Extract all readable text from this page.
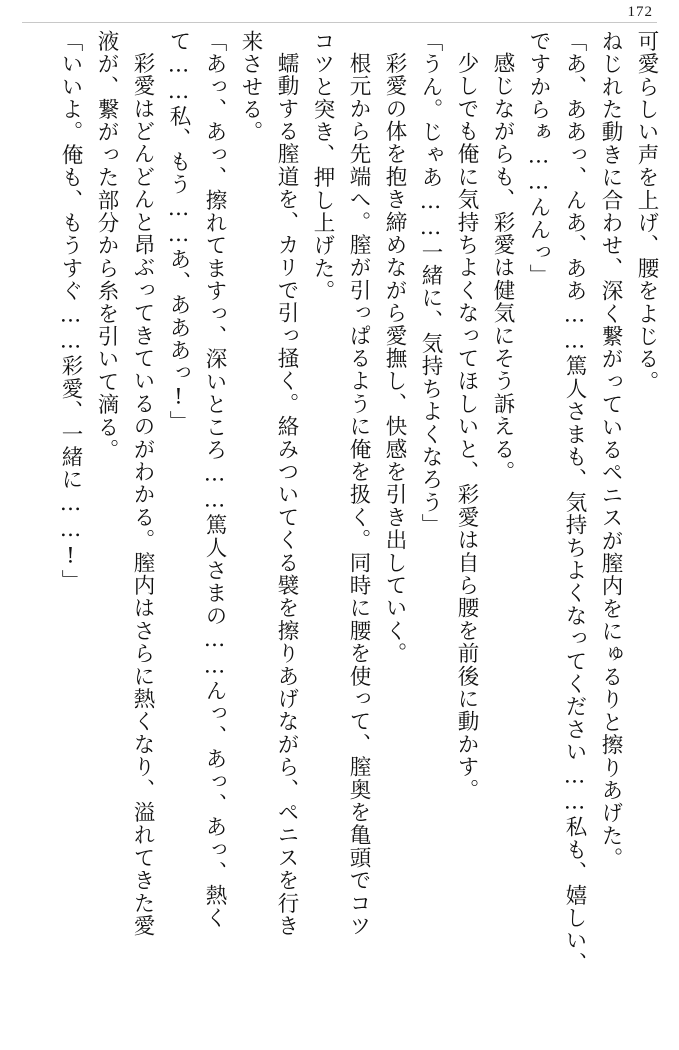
172
可愛らしい声を上げ、腰をよじる。
ねじれた動きに合わせ、深く繋がっているペニスが膣内をにゅるりと擦りあげた。
「あ、ああっ、んあ、ああ……篤人さまも、気持ちよくなってください……私も、嬉しい、
ですからぁ……んんっ」
感じながらも、彩愛は健気にそう訴える。
少しでも俺に気持ちよくなってほしいと、彩愛は自ら腰を前後に動かす。
「うん。じゃあ……一緒に、気持ちよくなろう」
彩愛の体を抱き締めながら愛撫し、快感を引き出していく。
根元から先端へ。膣が引っぱるように俺を扱く。同時に腰を使って、膣奥を亀頭でコツ
コツと突き、押し上げた。
蠕動する膣道を、カリで引っ掻く。絡みついてくる襞を擦りあげながら、ペニスを行き
来させる。
「あっ、あっ、擦れてますっ、深いところ……篤人さまの……んっ、あっ、あっ、熱く
て……私、もう……あ、あああっ!」
彩愛はどんどんと昂ぶってきているのがわかる。膣内はさらに熱くなり、溢れてきた愛
液が、繋がった部分から糸を引いて滴る。
「いいよ。俺も、もうすぐ……彩愛、一緒に……!」
